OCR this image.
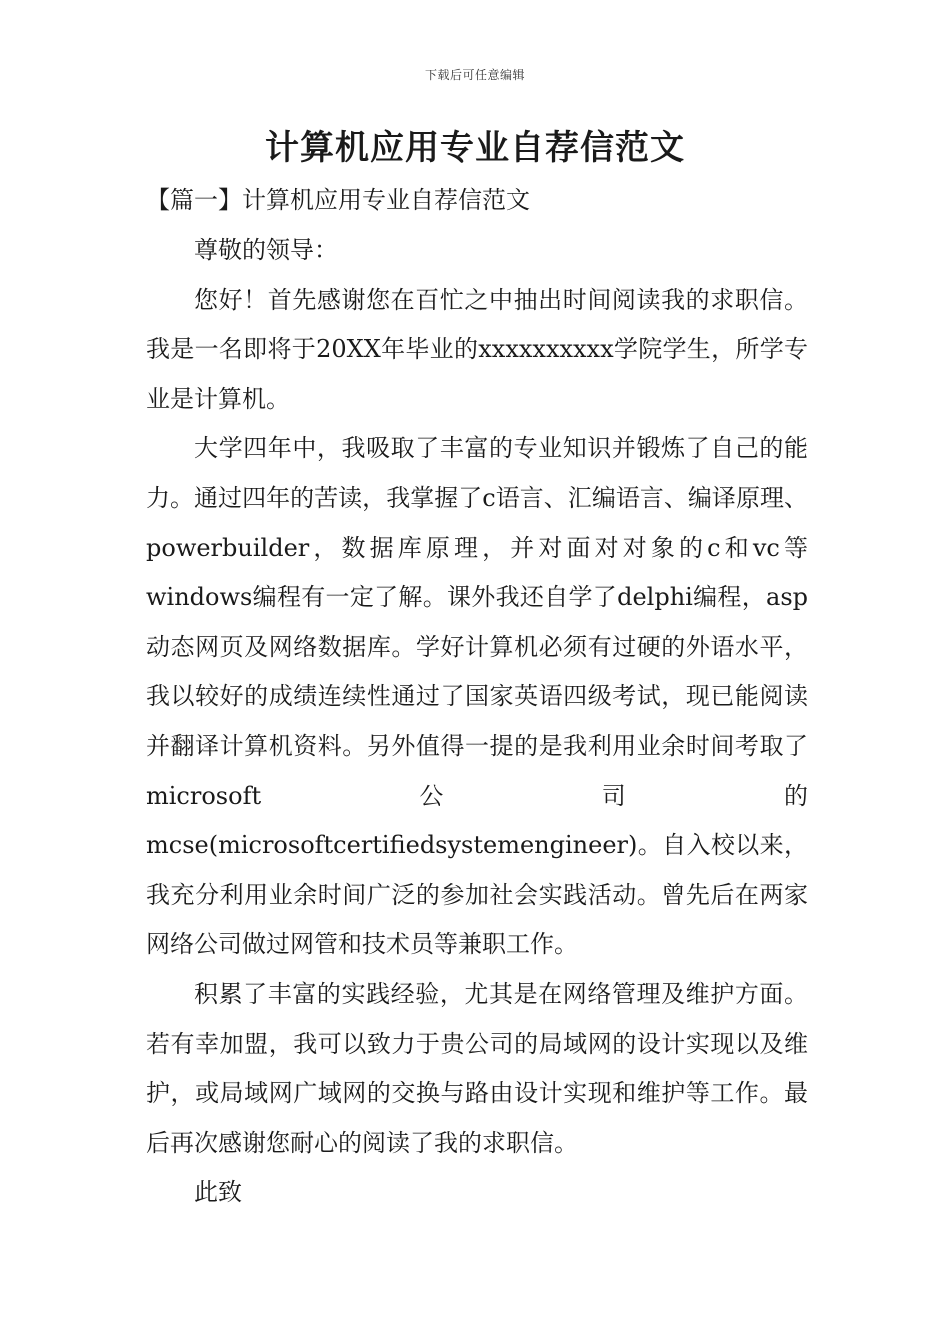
下载后可任意编辑
计算机应用专业自荐信范文
【篇一】计算机应用专业自荐信范文

尊敬的领导：

您好！首先感谢您在百忙之中抽出时间阅读我的求职信。我是一名即将于20XX年毕业的xxxxxxxxxx学院学生，所学专业是计算机。

大学四年中，我吸取了丰富的专业知识并锻炼了自己的能力。通过四年的苦读，我掌握了c语言、汇编语言、编译原理、powerbuilder，数据库原理，并对面对对象的c和vc等windows编程有一定了解。课外我还自学了delphi编程，asp动态网页及网络数据库。学好计算机必须有过硬的外语水平，我以较好的成绩连续性通过了国家英语四级考试，现已能阅读并翻译计算机资料。另外值得一提的是我利用业余时间考取了microsoft公司的mcse(microsoftcertifiedsystemengineer)。自入校以来，我充分利用业余时间广泛的参加社会实践活动。曾先后在两家网络公司做过网管和技术员等兼职工作。

积累了丰富的实践经验，尤其是在网络管理及维护方面。若有幸加盟，我可以致力于贵公司的局域网的设计实现以及维护，或局域网广域网的交换与路由设计实现和维护等工作。最后再次感谢您耐心的阅读了我的求职信。

此致
